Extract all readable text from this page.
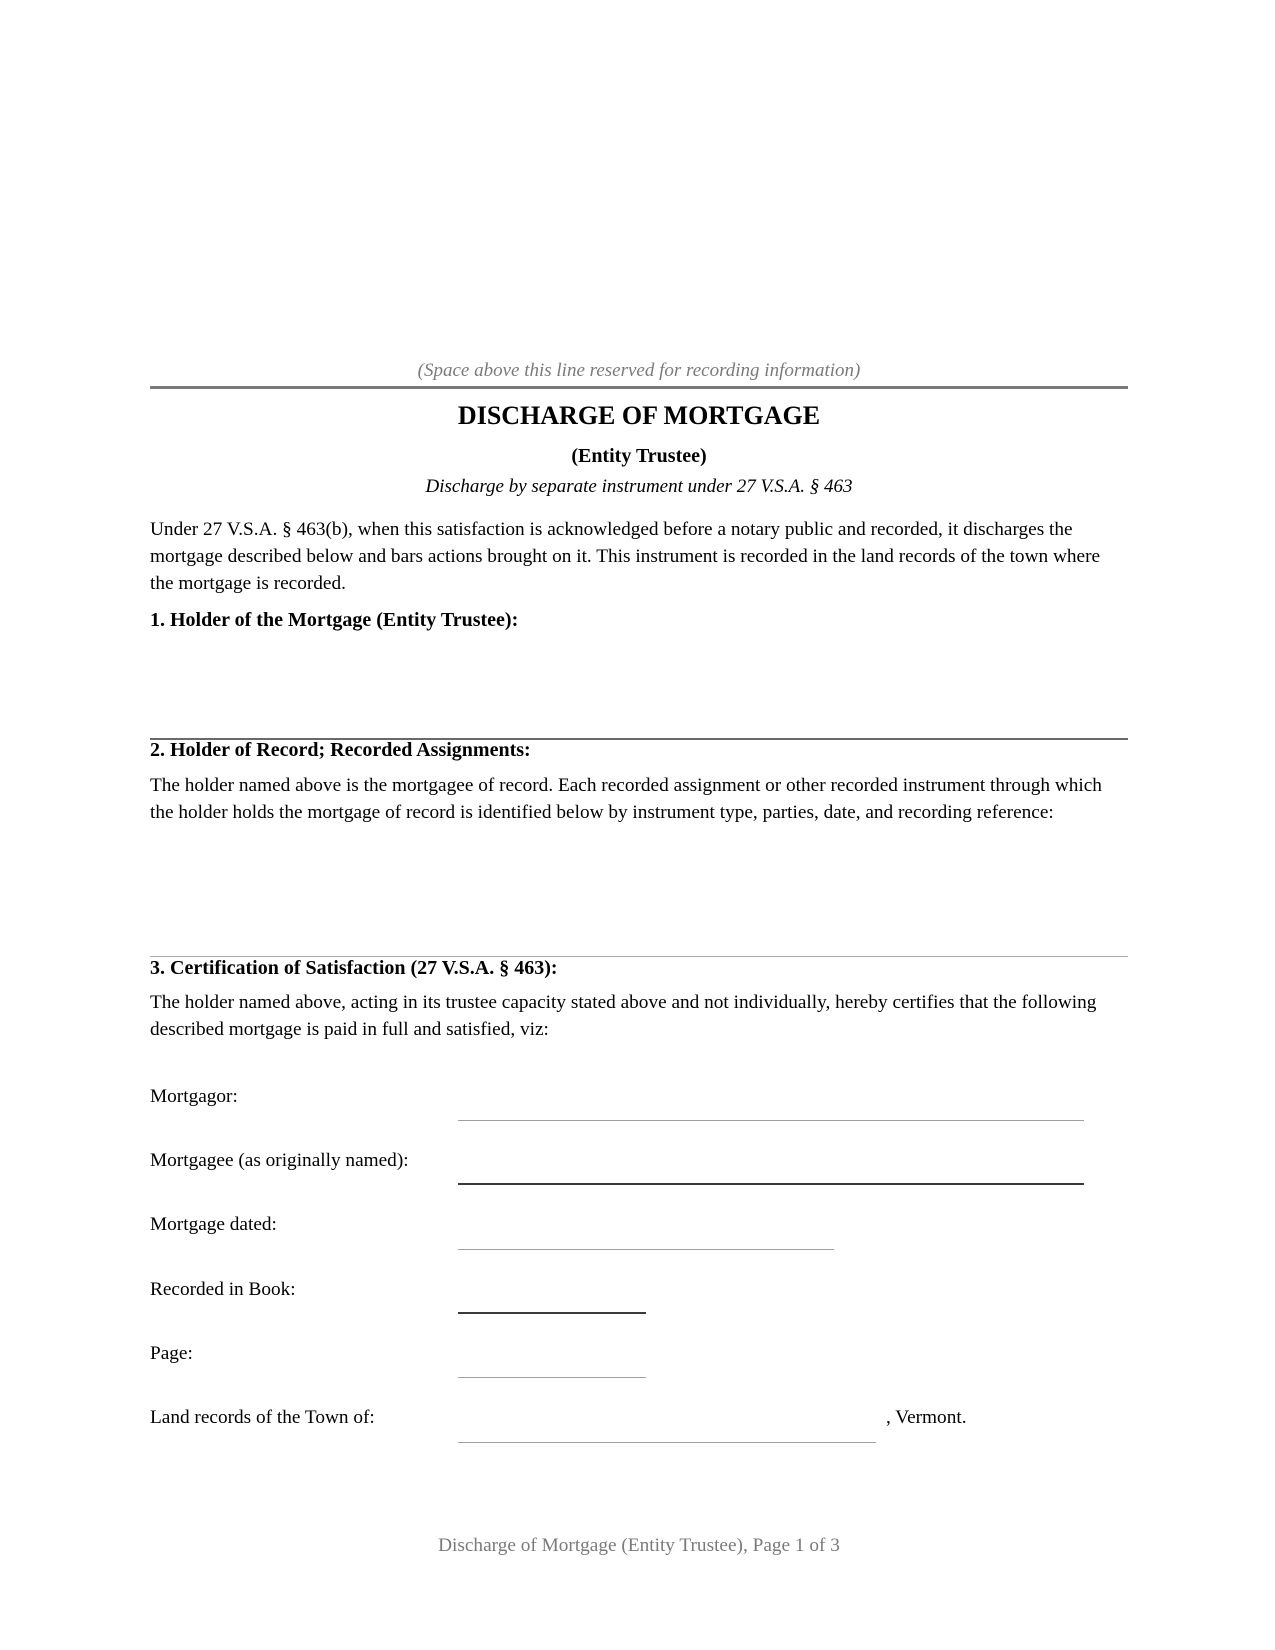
(Space above this line reserved for recording information)
DISCHARGE OF MORTGAGE
(Entity Trustee)
Discharge by separate instrument under 27 V.S.A. § 463
Under 27 V.S.A. § 463(b), when this satisfaction is acknowledged before a notary public and recorded, it discharges the mortgage described below and bars actions brought on it. This instrument is recorded in the land records of the town where the mortgage is recorded.
1. Holder of the Mortgage (Entity Trustee):
2. Holder of Record; Recorded Assignments:
The holder named above is the mortgagee of record. Each recorded assignment or other recorded instrument through which the holder holds the mortgage of record is identified below by instrument type, parties, date, and recording reference:
3. Certification of Satisfaction (27 V.S.A. § 463):
The holder named above, acting in its trustee capacity stated above and not individually, hereby certifies that the following described mortgage is paid in full and satisfied, viz:
Mortgagor:
Mortgagee (as originally named):
Mortgage dated:
Recorded in Book:
Page:
Land records of the Town of:	, Vermont.
Discharge of Mortgage (Entity Trustee), Page 1 of 3
